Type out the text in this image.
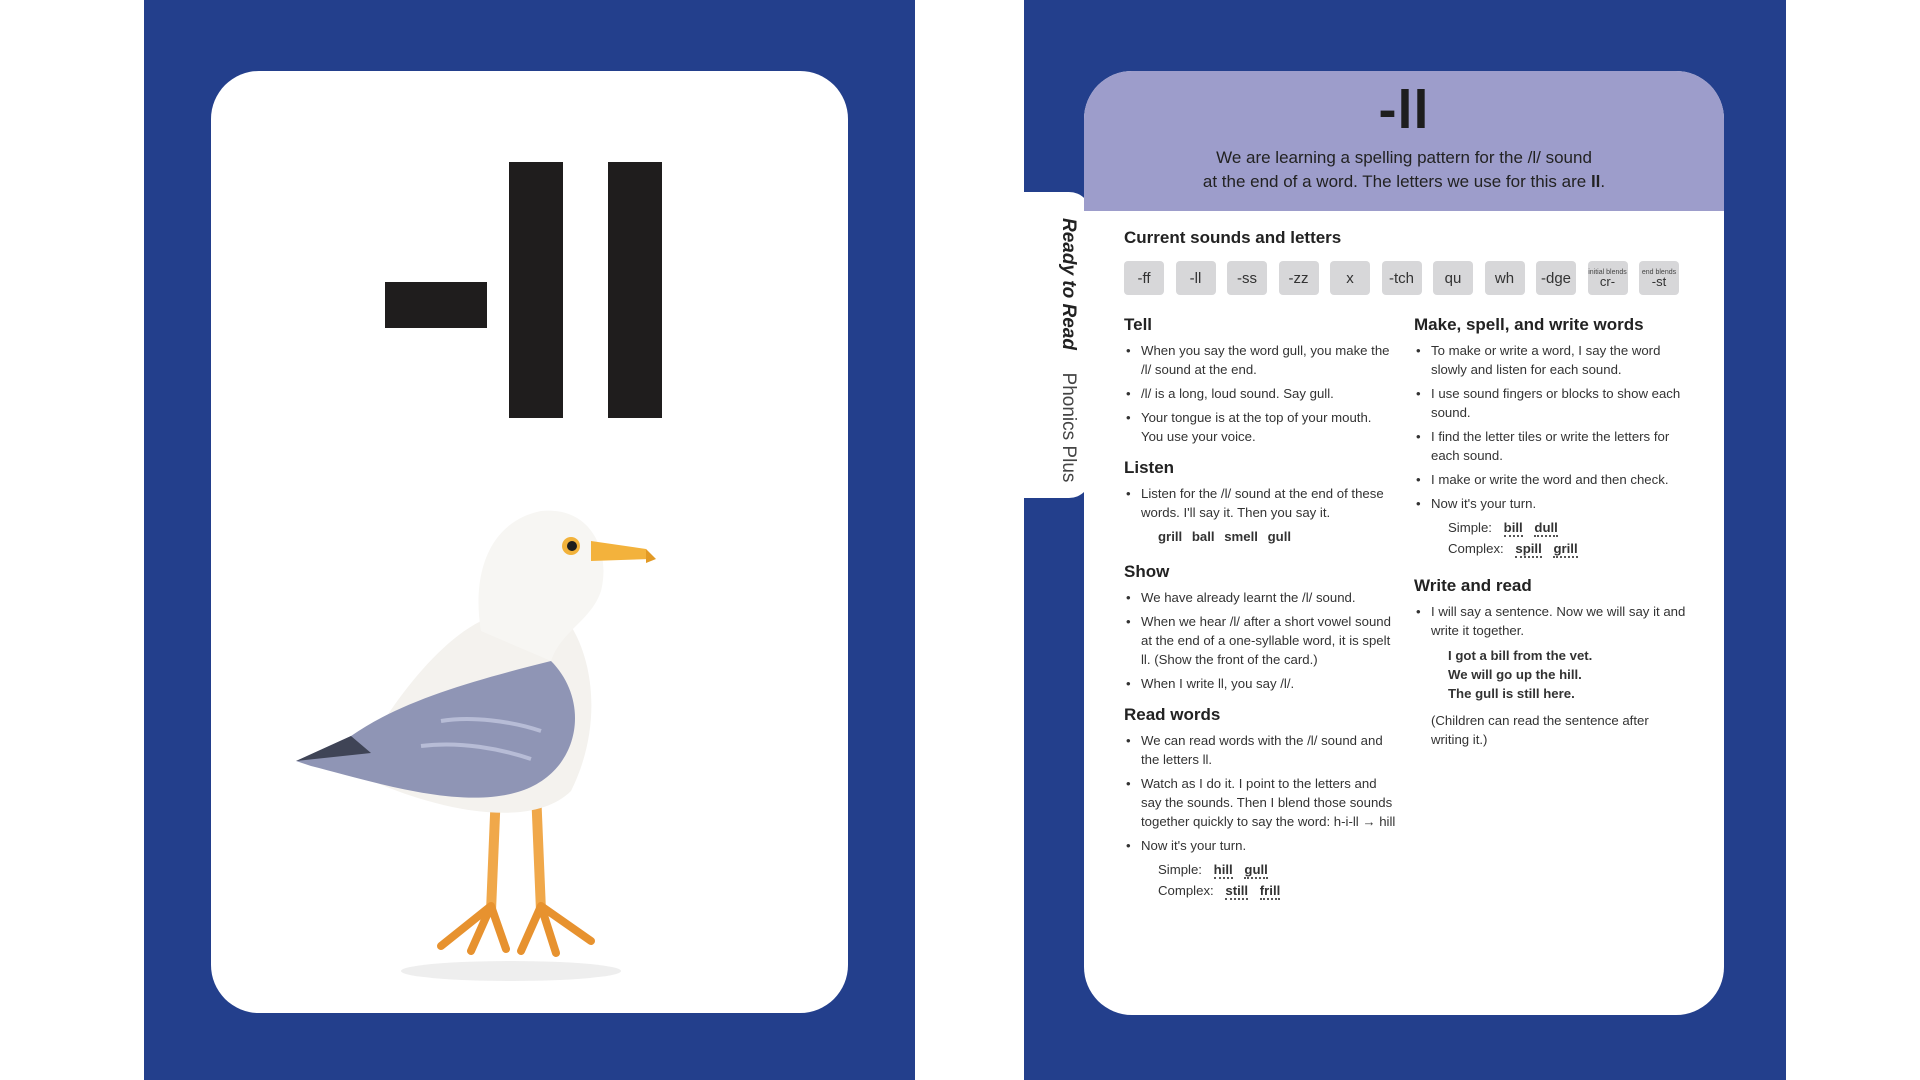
Ready to Read  Phonics Plus
-ll
We are learning a spelling pattern for the /l/ sound
at the end of a word. The letters we use for this are ll.
Current sounds and letters
-ff	-ll -ss -zz	x -tch qu wh -dge initial blends
cr-
end blends
-st
Tell
• When you say the word gull, you make the /l/ sound at the end.
• /l/ is a long, loud sound. Say gull.
• Your tongue is at the top of your mouth. You use your voice.
Listen
• Listen for the /l/ sound at the end of these words. I'll say it. Then you say it.
grill ball smell gull
Show
• We have already learnt the /l/ sound.
• When we hear /l/ after a short vowel sound at the end of a one-syllable word, it is spelt ll. (Show the front of the card.)
• When I write ll, you say /l/.
Read words
• We can read words with the /l/ sound and the letters ll.
• Watch as I do it. I point to the letters and say the sounds. Then I blend those sounds together quickly to say the word: h-i-ll → hill
• Now it's your turn.
Simple: hill gull
Complex: still frill
Make, spell, and write words
• To make or write a word, I say the word slowly and listen for each sound.
• I use sound fingers or blocks to show each sound.
• I find the letter tiles or write the letters for each sound.
• I make or write the word and then check.
• Now it's your turn.
Simple: bill dull
Complex: spill grill
Write and read
• I will say a sentence. Now we will say it and write it together.
I got a bill from the vet.
We will go up the hill.
The gull is still here.
(Children can read the sentence after writing it.)
